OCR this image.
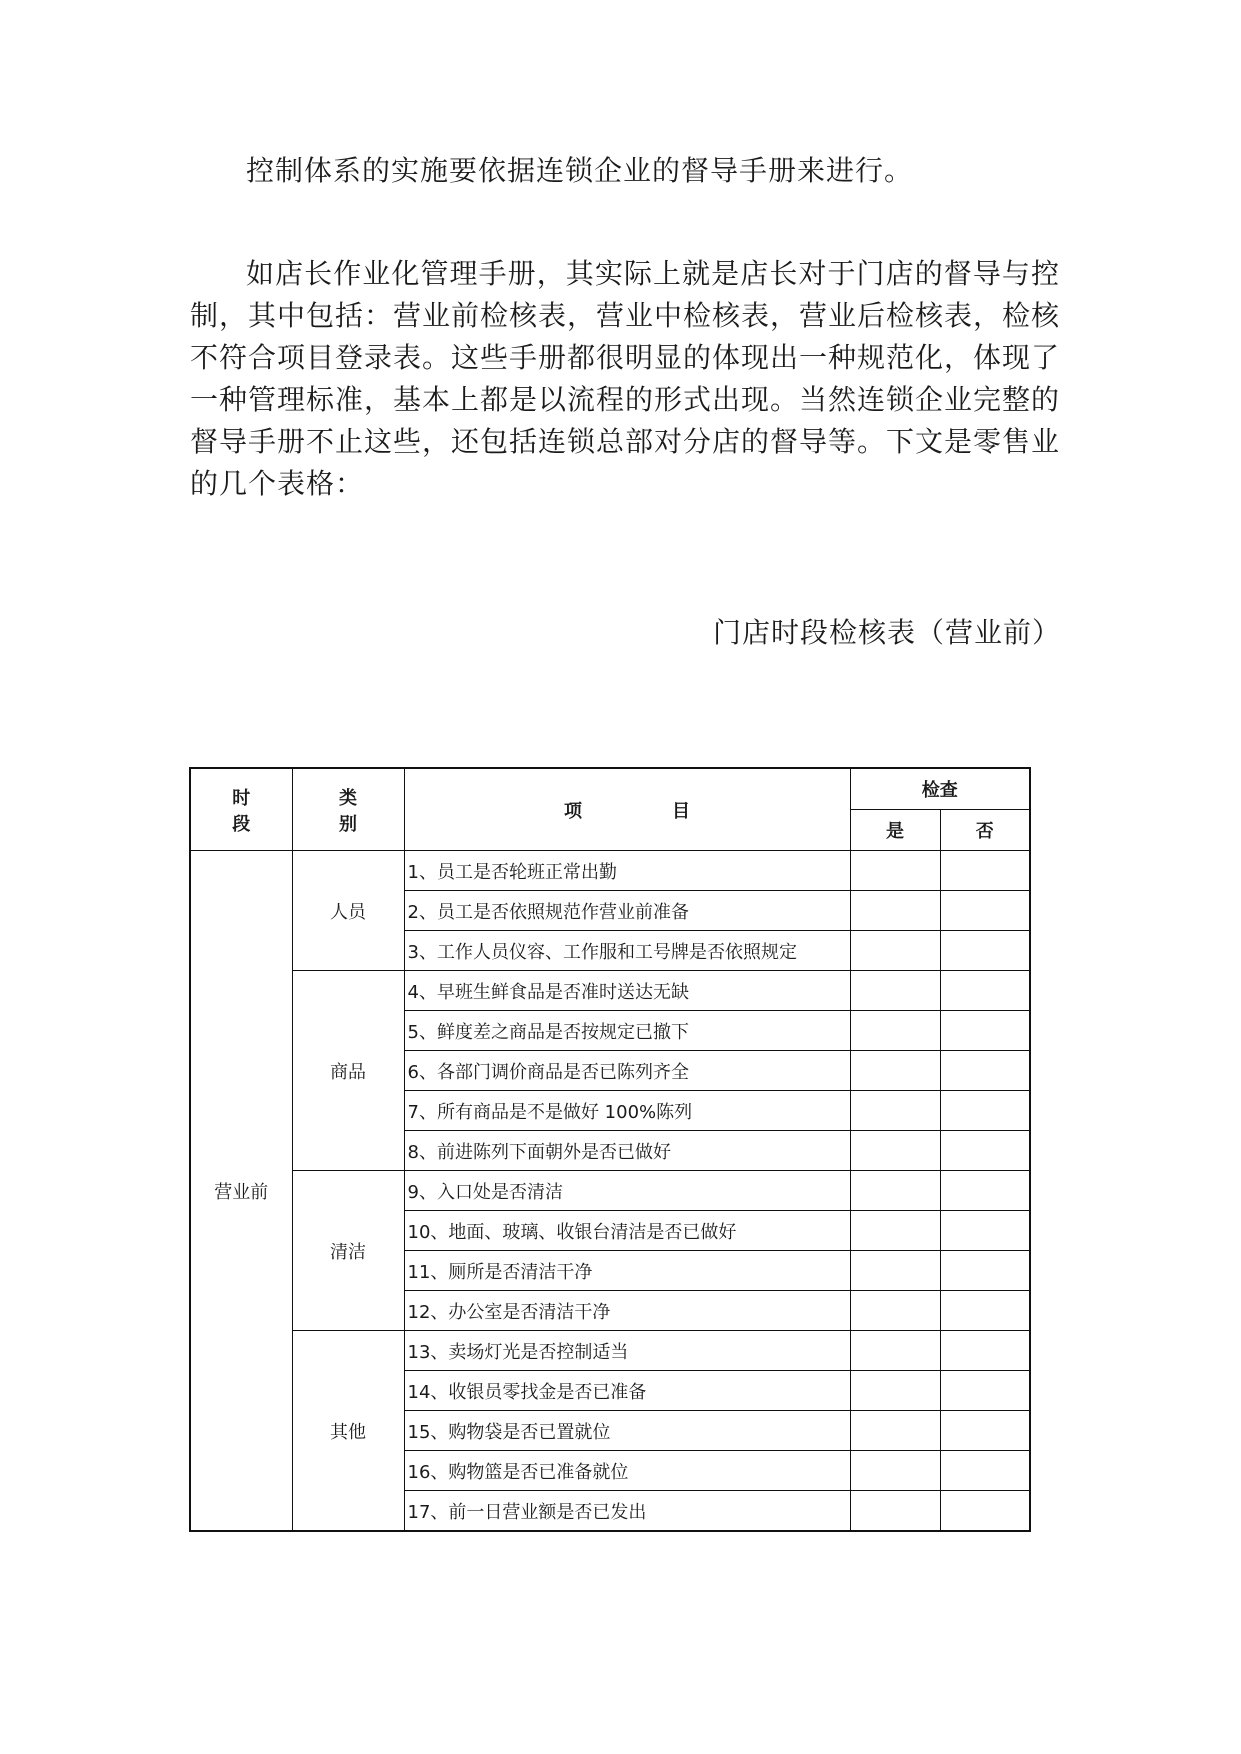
控制体系的实施要依据连锁企业的督导手册来进行。

如店长作业化管理手册，其实际上就是店长对于门店的督导与控制，其中包括：营业前检核表，营业中检核表，营业后检核表，检核不符合项目登录表。这些手册都很明显的体现出一种规范化，体现了一种管理标准，基本上都是以流程的形式出现。当然连锁企业完整的督导手册不止这些，还包括连锁总部对分店的督导等。下文是零售业的几个表格：

门店时段检核表（营业前）

时段	类别	项目	检查	
			是	否
营业前	人员	1、员工是否轮班正常出勤		
		2、员工是否依照规范作营业前准备		
		3、工作人员仪容、工作服和工号牌是否依照规定		
	商品	4、早班生鲜食品是否准时送达无缺		
		5、鲜度差之商品是否按规定已撤下		
		6、各部门调价商品是否已陈列齐全		
		7、所有商品是不是做好 100%陈列		
		8、前进陈列下面朝外是否已做好		
	清洁	9、入口处是否清洁		
		10、地面、玻璃、收银台清洁是否已做好		
		11、厕所是否清洁干净		
		12、办公室是否清洁干净		
	其他	13、卖场灯光是否控制适当		
		14、收银员零找金是否已准备		
		15、购物袋是否已置就位		
		16、购物篮是否已准备就位		
		17、前一日营业额是否已发出		
